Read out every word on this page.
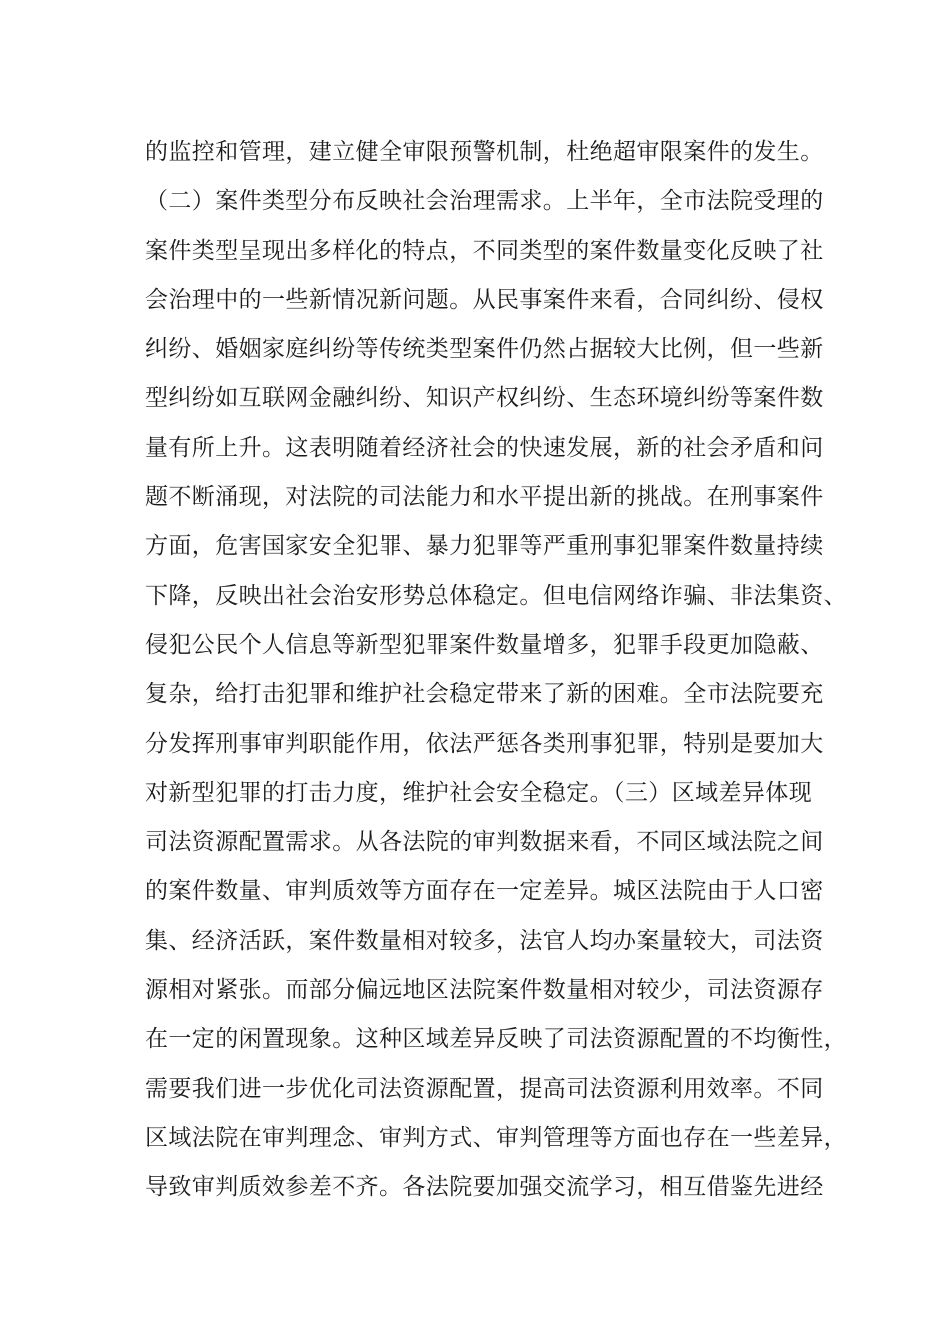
的监控和管理，建立健全审限预警机制，杜绝超审限案件的发生。
（二）案件类型分布反映社会治理需求。上半年，全市法院受理的
案件类型呈现出多样化的特点，不同类型的案件数量变化反映了社
会治理中的一些新情况新问题。从民事案件来看，合同纠纷、侵权
纠纷、婚姻家庭纠纷等传统类型案件仍然占据较大比例，但一些新
型纠纷如互联网金融纠纷、知识产权纠纷、生态环境纠纷等案件数
量有所上升。这表明随着经济社会的快速发展，新的社会矛盾和问
题不断涌现，对法院的司法能力和水平提出新的挑战。在刑事案件
方面，危害国家安全犯罪、暴力犯罪等严重刑事犯罪案件数量持续
下降，反映出社会治安形势总体稳定。但电信网络诈骗、非法集资、
侵犯公民个人信息等新型犯罪案件数量增多，犯罪手段更加隐蔽、
复杂，给打击犯罪和维护社会稳定带来了新的困难。全市法院要充
分发挥刑事审判职能作用，依法严惩各类刑事犯罪，特别是要加大
对新型犯罪的打击力度，维护社会安全稳定。（三）区域差异体现
司法资源配置需求。从各法院的审判数据来看，不同区域法院之间
的案件数量、审判质效等方面存在一定差异。城区法院由于人口密
集、经济活跃，案件数量相对较多，法官人均办案量较大，司法资
源相对紧张。而部分偏远地区法院案件数量相对较少，司法资源存
在一定的闲置现象。这种区域差异反映了司法资源配置的不均衡性，
需要我们进一步优化司法资源配置，提高司法资源利用效率。不同
区域法院在审判理念、审判方式、审判管理等方面也存在一些差异，
导致审判质效参差不齐。各法院要加强交流学习，相互借鉴先进经
